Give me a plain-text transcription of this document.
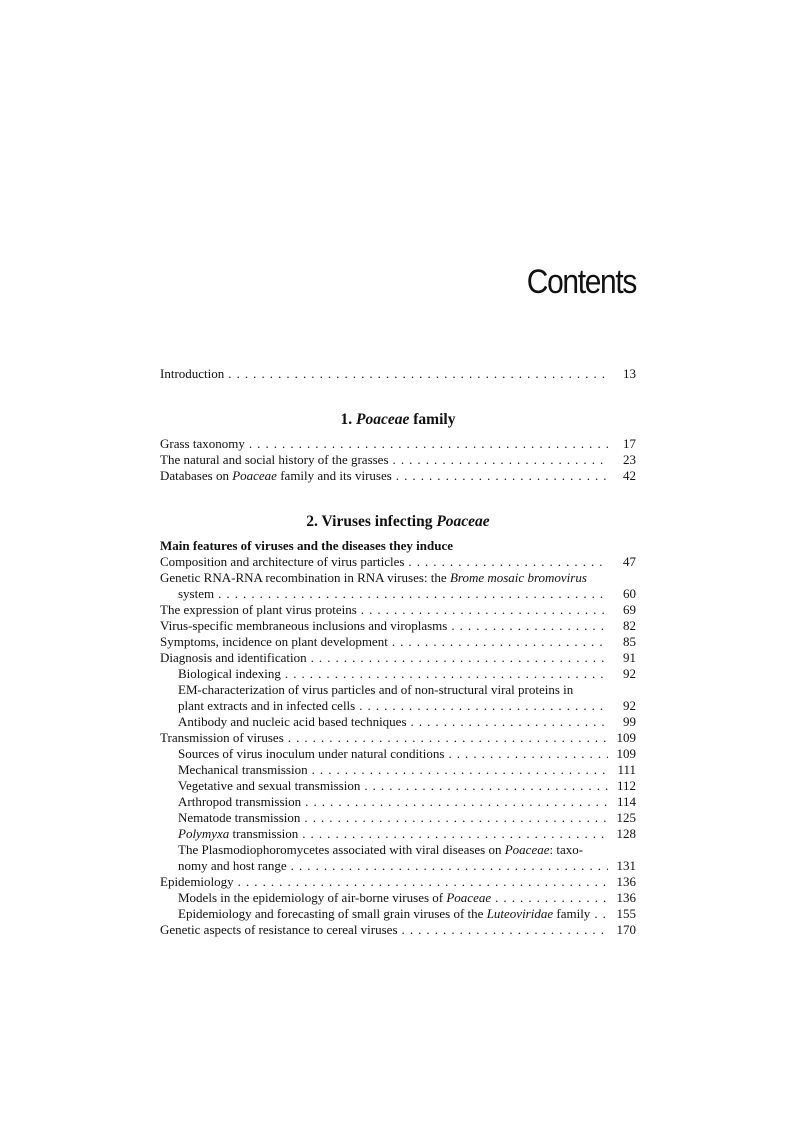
Contents
Introduction . . .	13
1. Poaceae family
Grass taxonomy . . .	17
The natural and social history of the grasses . . .	23
Databases on Poaceae family and its viruses . . .	42
2. Viruses infecting Poaceae
Main features of viruses and the diseases they induce
Composition and architecture of virus particles . . .	47
Genetic RNA-RNA recombination in RNA viruses: the Brome mosaic bromovirus
system . . .	60
The expression of plant virus proteins . . .	69
Virus-specific membraneous inclusions and viroplasms . . .	82
Symptoms, incidence on plant development . . .	85
Diagnosis and identification . . .	91
Biological indexing . . .	92
EM-characterization of virus particles and of non-structural viral proteins in
plant extracts and in infected cells . . .	92
Antibody and nucleic acid based techniques . . .	99
Transmission of viruses . . .	109
Sources of virus inoculum under natural conditions . . .	109
Mechanical transmission . . .	111
Vegetative and sexual transmission . . .	112
Arthropod transmission . . .	114
Nematode transmission . . .	125
Polymyxa transmission . . .	128
The Plasmodiophoromycetes associated with viral diseases on Poaceae: taxo-
nomy and host range . . .	131
Epidemiology . . .	136
Models in the epidemiology of air-borne viruses of Poaceae . . .	136
Epidemiology and forecasting of small grain viruses of the Luteoviridae family . . .	155
Genetic aspects of resistance to cereal viruses . . .	170
